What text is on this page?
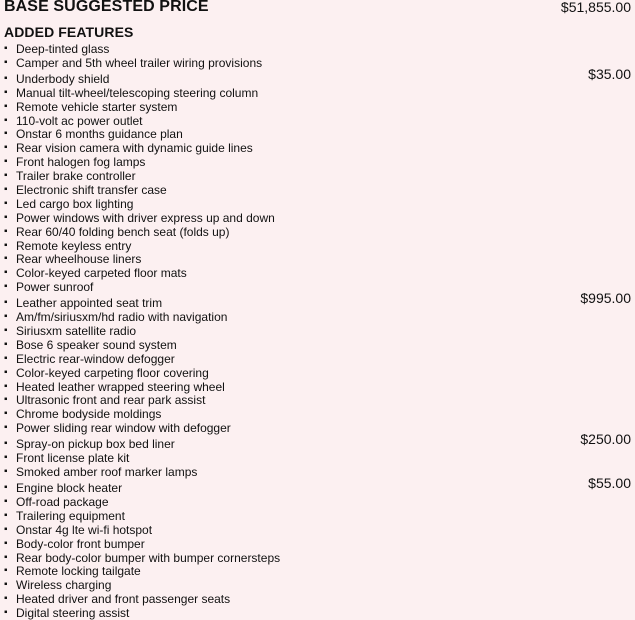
BASE SUGGESTED PRICE	$51,855.00
ADDED FEATURES
▪ Deep-tinted glass
▪ Camper and 5th wheel trailer wiring provisions
$35.00
▪ Underbody shield
▪ Manual tilt-wheel/telescoping steering column
▪ Remote vehicle starter system
▪ 110-volt ac power outlet
▪ Onstar 6 months guidance plan
▪ Rear vision camera with dynamic guide lines
▪ Front halogen fog lamps
▪ Trailer brake controller
▪ Electronic shift transfer case
▪ Led cargo box lighting
▪ Power windows with driver express up and down
▪ Rear 60/40 folding bench seat (folds up)
▪ Remote keyless entry
▪ Rear wheelhouse liners
▪ Color-keyed carpeted floor mats
▪ Power sunroof
$995.00
▪ Leather appointed seat trim
▪ Am/fm/siriusxm/hd radio with navigation
▪ Siriusxm satellite radio
▪ Bose 6 speaker sound system
▪ Electric rear-window defogger
▪ Color-keyed carpeting floor covering
▪ Heated leather wrapped steering wheel
▪ Ultrasonic front and rear park assist
▪ Chrome bodyside moldings
▪ Power sliding rear window with defogger
$250.00
▪ Spray-on pickup box bed liner
▪ Front license plate kit
▪ Smoked amber roof marker lamps
$55.00
▪ Engine block heater
▪ Off-road package
▪ Trailering equipment
▪ Onstar 4g lte wi-fi hotspot
▪ Body-color front bumper
▪ Rear body-color bumper with bumper cornersteps
▪ Remote locking tailgate
▪ Wireless charging
▪ Heated driver and front passenger seats
▪ Digital steering assist
